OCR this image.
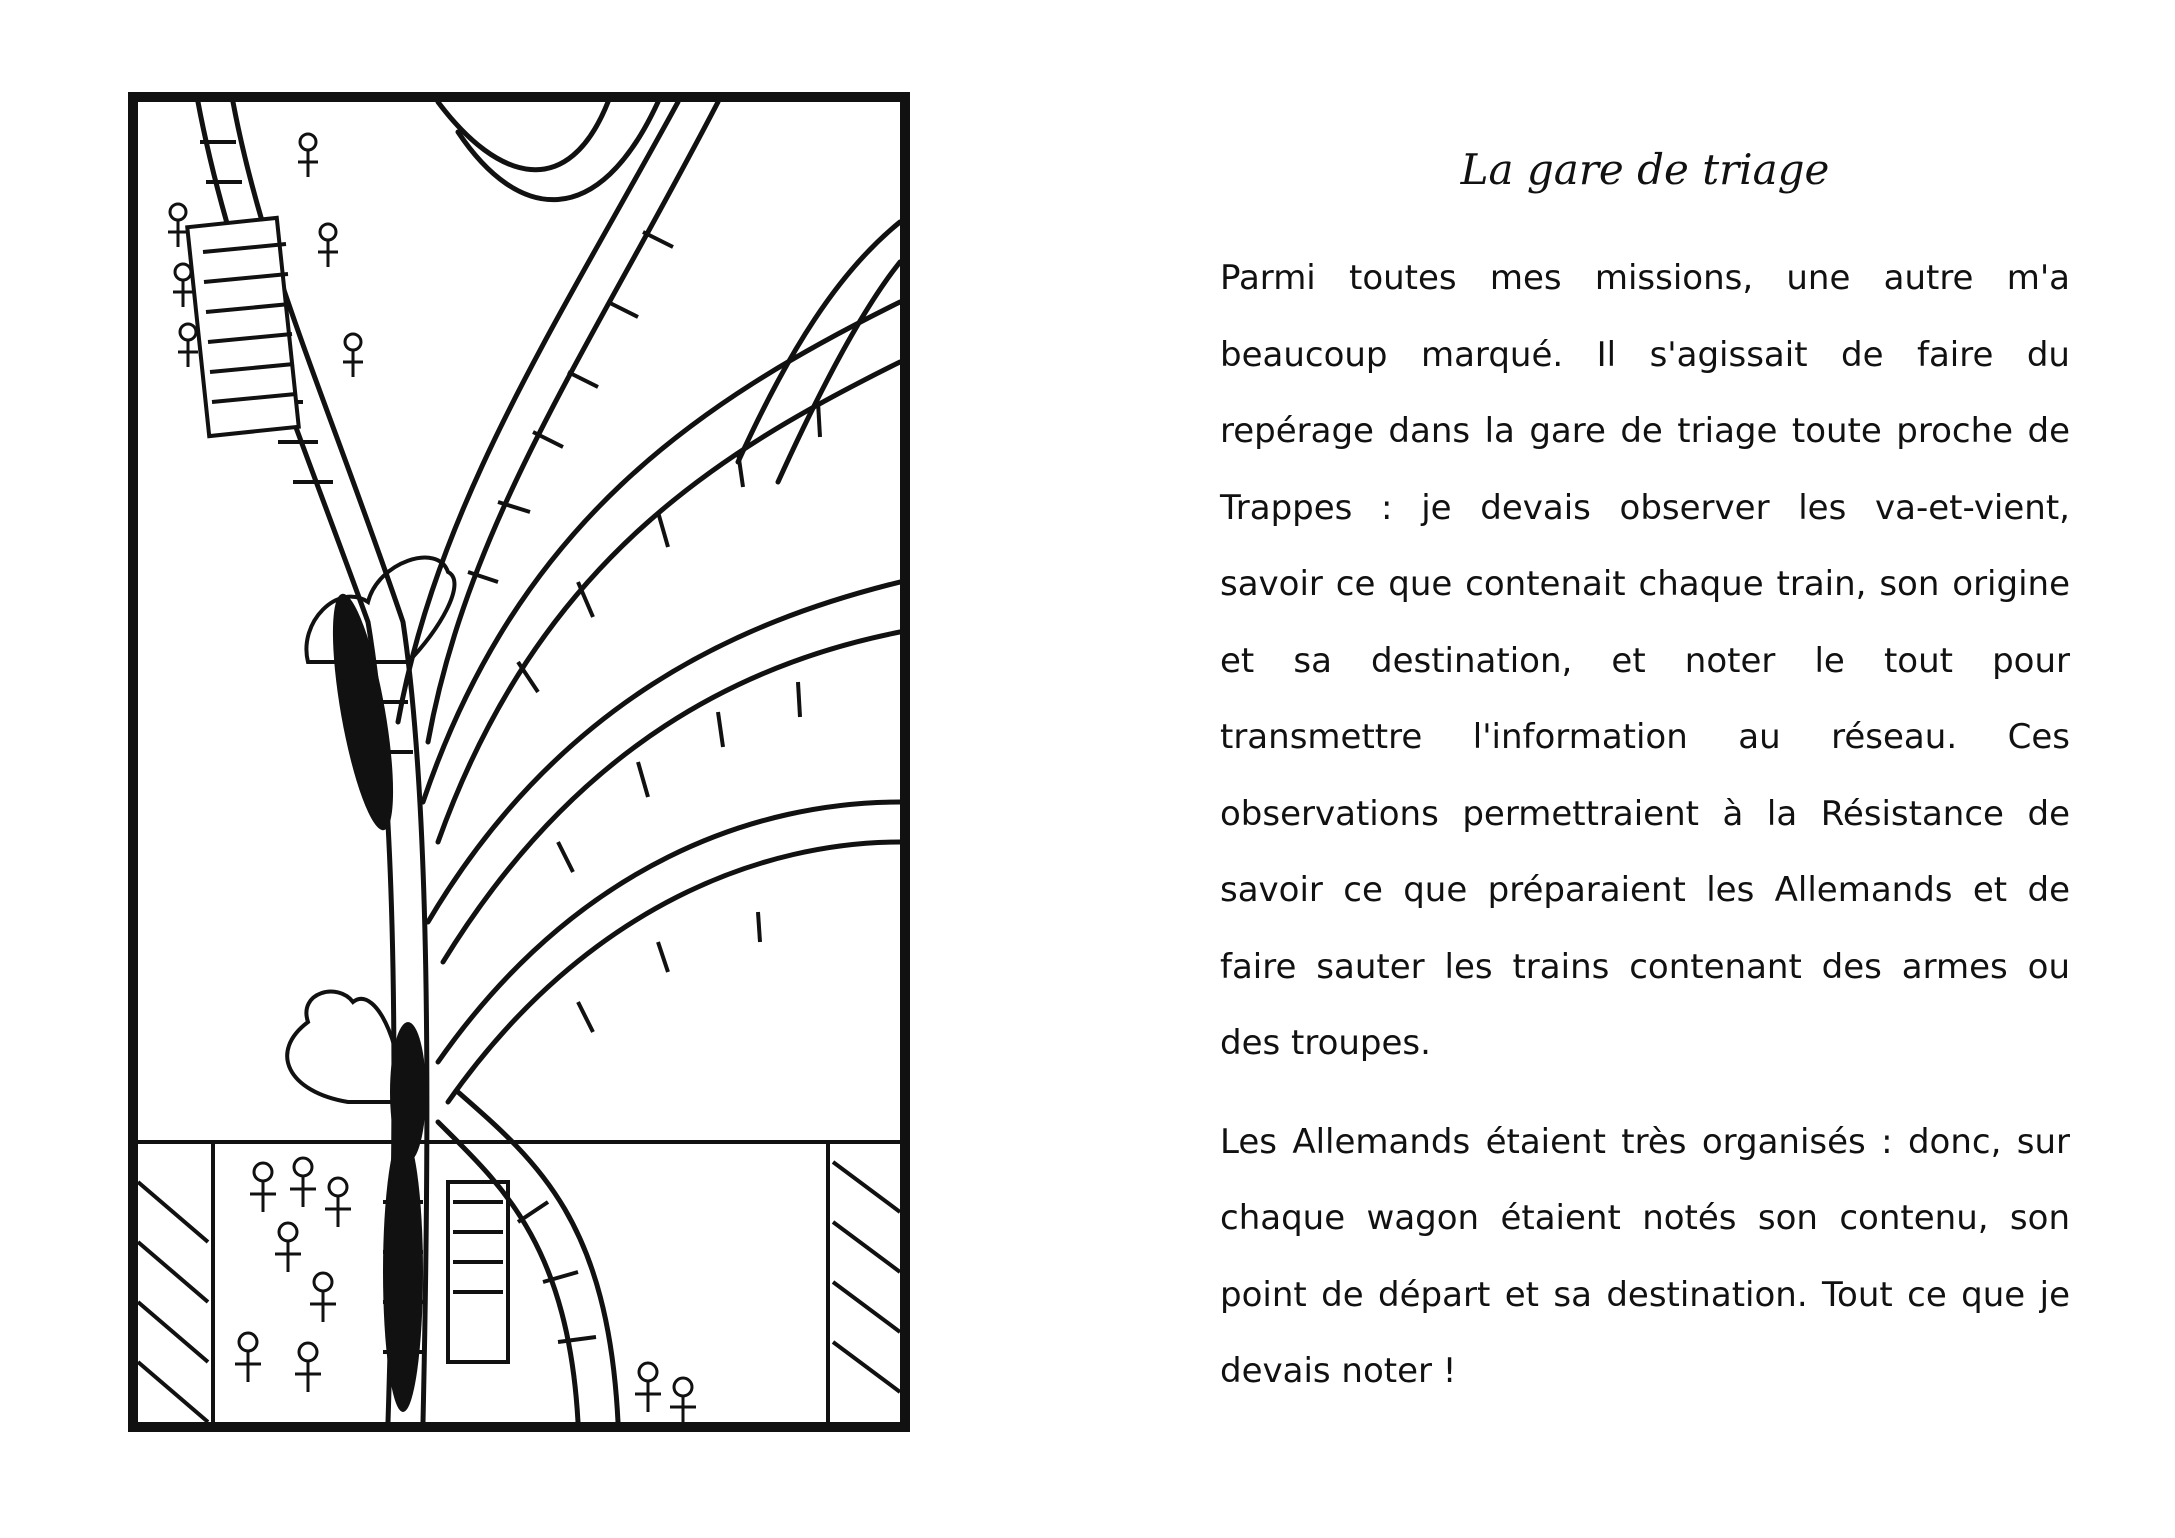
La gare de triage

Parmi toutes mes missions, une autre m'a beaucoup marqué. Il s'agissait de faire du repérage dans la gare de triage toute proche de Trappes : je devais observer les va-et-vient, savoir ce que contenait chaque train, son origine et sa destination, et noter le tout pour transmettre l'information au réseau. Ces observations permettraient à la Résistance de savoir ce que préparaient les Allemands et de faire sauter les trains contenant des armes ou des troupes.

Les Allemands étaient très organisés : donc, sur chaque wagon étaient notés son contenu, son point de départ et sa destination. Tout ce que je devais noter !
